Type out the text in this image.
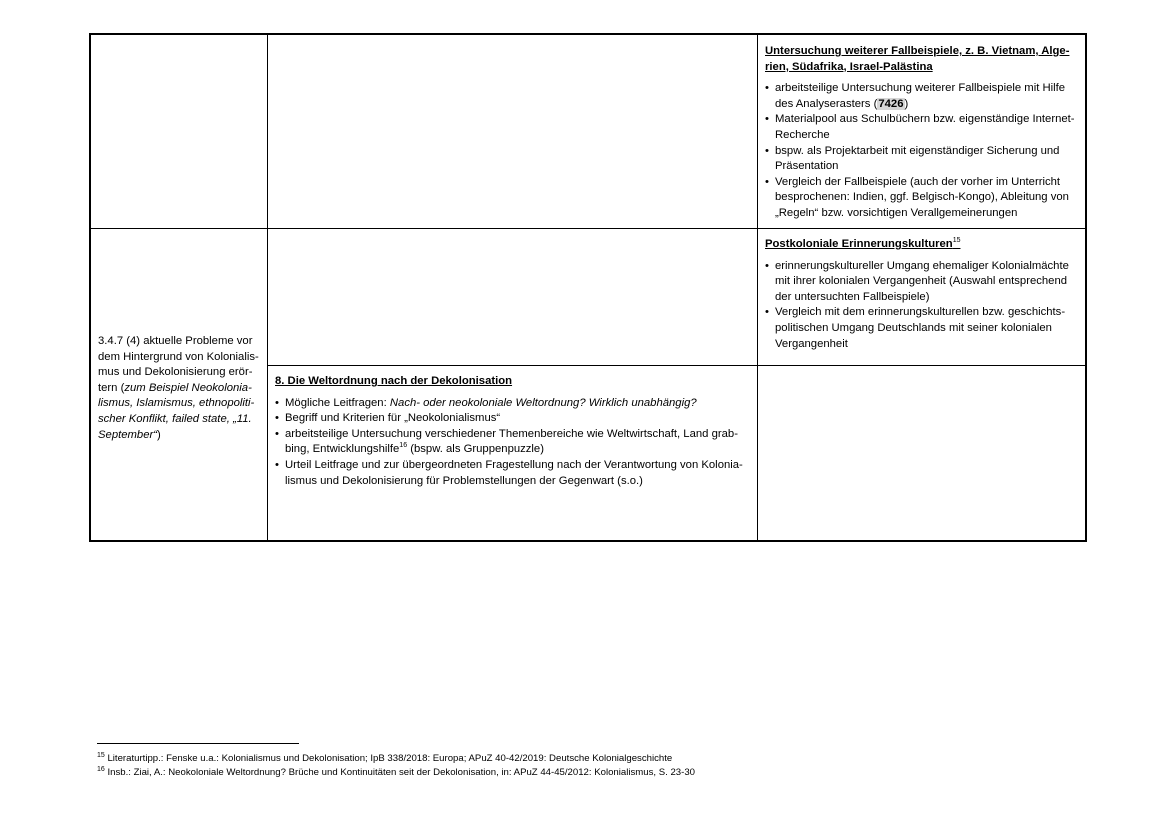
Untersuchung weiterer Fallbeispiele, z. B. Vietnam, Alge-rien, Südafrika, Israel-Palästina
• arbeitsteilige Untersuchung weiterer Fallbeispiele mit Hilfe des Analyserasters (7426)
• Materialpool aus Schulbüchern bzw. eigenständige Internet-Recherche
• bspw. als Projektarbeit mit eigenständiger Sicherung und Präsentation
• Vergleich der Fallbeispiele (auch der vorher im Unterricht besprochenen: Indien, ggf. Belgisch-Kongo), Ableitung von „Regeln“ bzw. vorsichtigen Verallgemeinerungen
3.4.7 (4) aktuelle Probleme vor dem Hintergrund von Kolonialis-mus und Dekolonisierung erör-tern (zum Beispiel Neokolonia-lismus, Islamismus, ethnopoliti-scher Konflikt, failed state, „11. September“)
Postkoloniale Erinnerungskulturen$^{15}$
• erinnerungskultureller Umgang ehemaliger Kolonialmächte mit ihrer kolonialen Vergangenheit (Auswahl entsprechend der untersuchten Fallbeispiele)
• Vergleich mit dem erinnerungskulturellen bzw. geschichts-politischen Umgang Deutschlands mit seiner kolonialen Vergangenheit
8. Die Weltordnung nach der Dekolonisation
• Mögliche Leitfragen: Nach- oder neokoloniale Weltordnung? Wirklich unabhängig?
• Begriff und Kriterien für „Neokolonialismus“
• arbeitsteilige Untersuchung verschiedener Themenbereiche wie Weltwirtschaft, Land grab-bing, Entwicklungshilfe$^{16}$ (bspw. als Gruppenpuzzle)
• Urteil Leitfrage und zur übergeordneten Fragestellung nach der Verantwortung von Kolonia-lismus und Dekolonisierung für Problemstellungen der Gegenwart (s.o.)
$^{15}$ Literaturtipp.: Fenske u.a.: Kolonialismus und Dekolonisation; IpB 338/2018: Europa; APuZ 40-42/2019: Deutsche Kolonialgeschichte
$^{16}$ Insb.: Ziai, A.: Neokoloniale Weltordnung? Brüche und Kontinuitäten seit der Dekolonisation, in: APuZ 44-45/2012: Kolonialismus, S. 23-30
